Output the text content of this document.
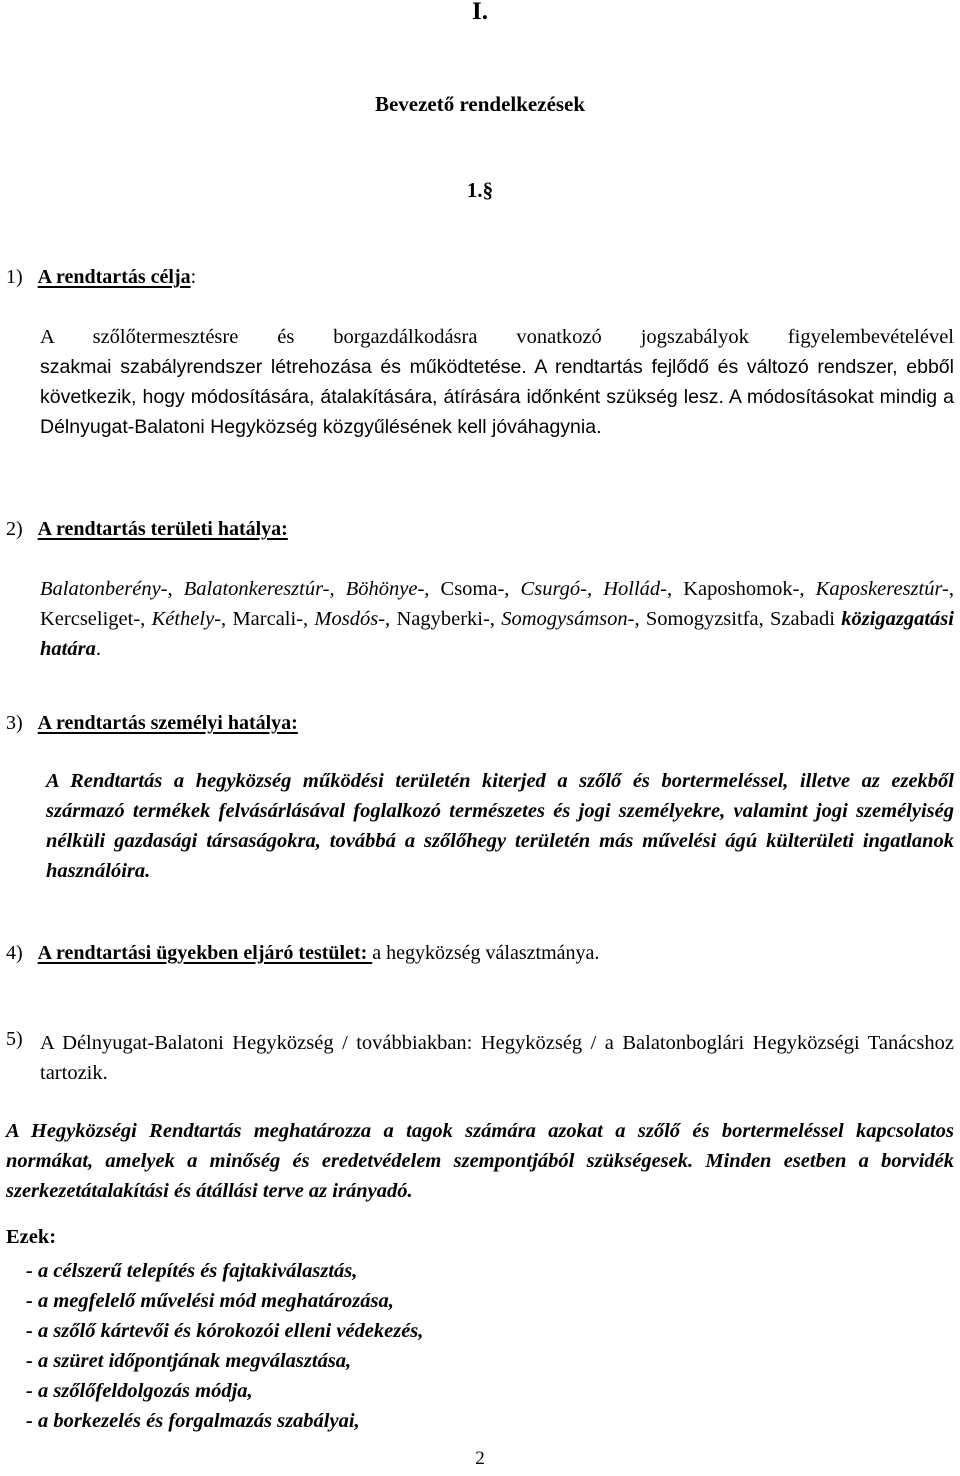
I.
Bevezető rendelkezések
1.§
1) A rendtartás célja:
A szőlőtermesztésre és borgazdálkodásra vonatkozó jogszabályok figyelembevételével
szakmai szabályrendszer létrehozása és működtetése. A rendtartás fejlődő és változó rendszer, ebből következik, hogy módosítására, átalakítására, átírására időnként szükség lesz. A módosításokat mindig a Délnyugat-Balatoni Hegyközség közgyűlésének kell jóváhagynia.
2) A rendtartás területi hatálya:
Balatonberény-, Balatonkeresztúr-, Böhönye-, Csoma-, Csurgó-, Hollád-, Kaposhomok-, Kaposkeresztúr-, Kercseliget-, Kéthely-, Marcali-, Mosdós-, Nagyberki-, Somogysámson-, Somogyzsitfa, Szabadi közigazgatási határa.
3) A rendtartás személyi hatálya:
A Rendtartás a hegyközség működési területén kiterjed a szőlő és bortermeléssel, illetve az ezekből származó termékek felvásárlásával foglalkozó természetes és jogi személyekre, valamint jogi személyiség nélküli gazdasági társaságokra, továbbá a szőlőhegy területén más művelési ágú külterületi ingatlanok használóira.
4) A rendtartási ügyekben eljáró testület: a hegyközség választmánya.
5) A Délnyugat-Balatoni Hegyközség / továbbiakban: Hegyközség / a Balatonboglári Hegyközségi Tanácshoz tartozik.
A Hegyközségi Rendtartás meghatározza a tagok számára azokat a szőlő és bortermeléssel kapcsolatos normákat, amelyek a minőség és eredetvédelem szempontjából szükségesek. Minden esetben a borvidék szerkezetátalakítási és átállási terve az irányadó.
Ezek:
- a célszerű telepítés és fajtakiválasztás,
- a megfelelő művelési mód meghatározása,
- a szőlő kártevői és kórokozói elleni védekezés,
- a szüret időpontjának megválasztása,
- a szőlőfeldolgozás módja,
- a borkezelés és forgalmazás szabályai,
2
